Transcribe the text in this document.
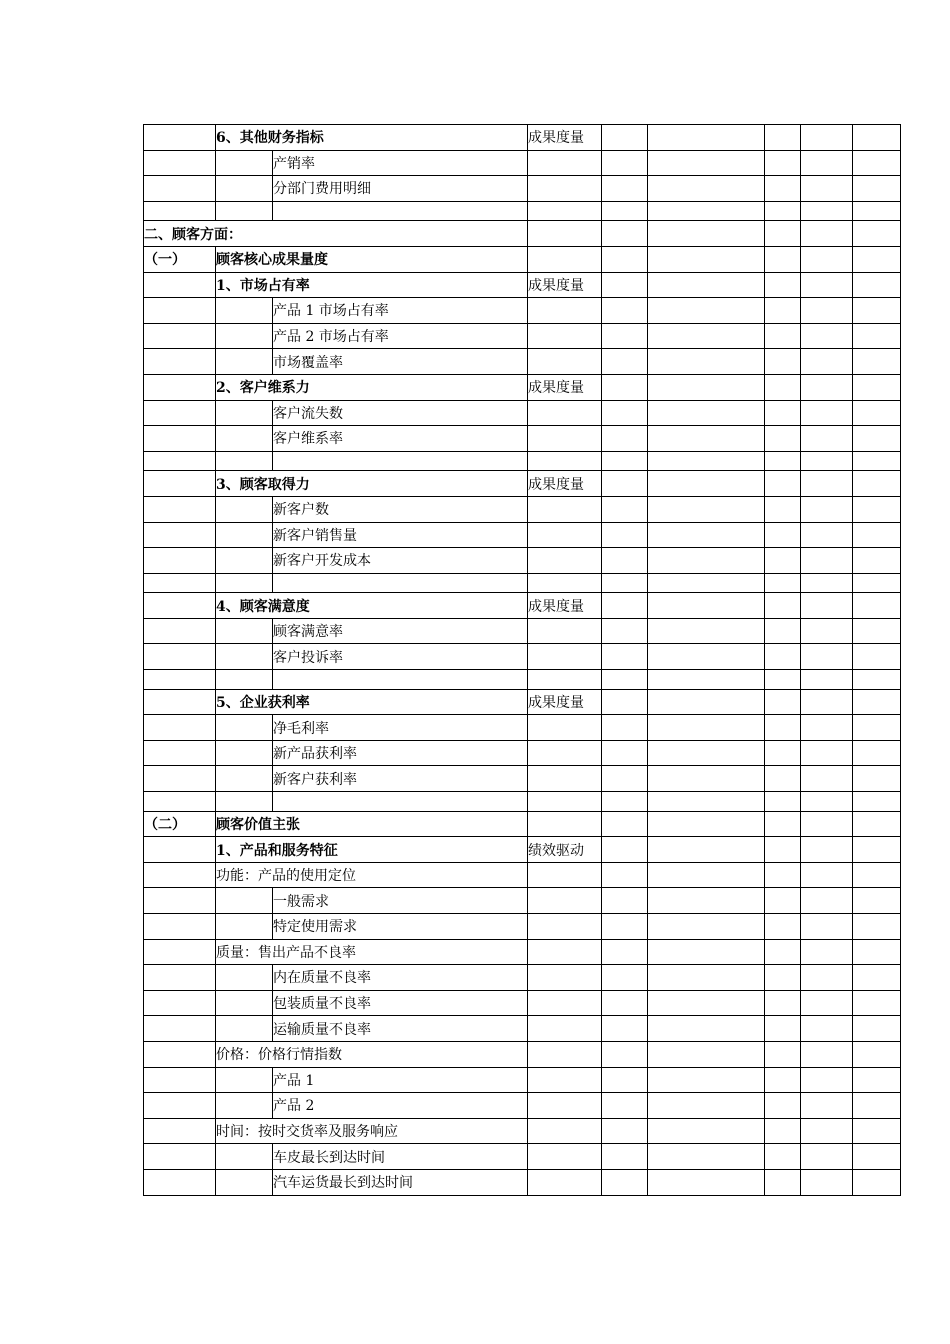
	6、其他财务指标		成果度量					
		产销率						
		分部门费用明细						

二、顾客方面：								
（一）	顾客核心成果量度							
	1、市场占有率		成果度量					
		产品 1 市场占有率						
		产品 2 市场占有率						
		市场覆盖率						
	2、客户维系力		成果度量					
		客户流失数						
		客户维系率						

	3、顾客取得力		成果度量					
		新客户数						
		新客户销售量						
		新客户开发成本						

	4、顾客满意度		成果度量					
		顾客满意率						
		客户投诉率						

	5、企业获利率		成果度量					
		净毛利率						
		新产品获利率						
		新客户获利率						

（二）	顾客价值主张							
	1、产品和服务特征		绩效驱动					
	功能：产品的使用定位							
		一般需求						
		特定使用需求						
	质量：售出产品不良率							
		内在质量不良率						
		包装质量不良率						
		运输质量不良率						
	价格：价格行情指数							
		产品 1						
		产品 2						
	时间：按时交货率及服务响应							
		车皮最长到达时间						
		汽车运货最长到达时间						
